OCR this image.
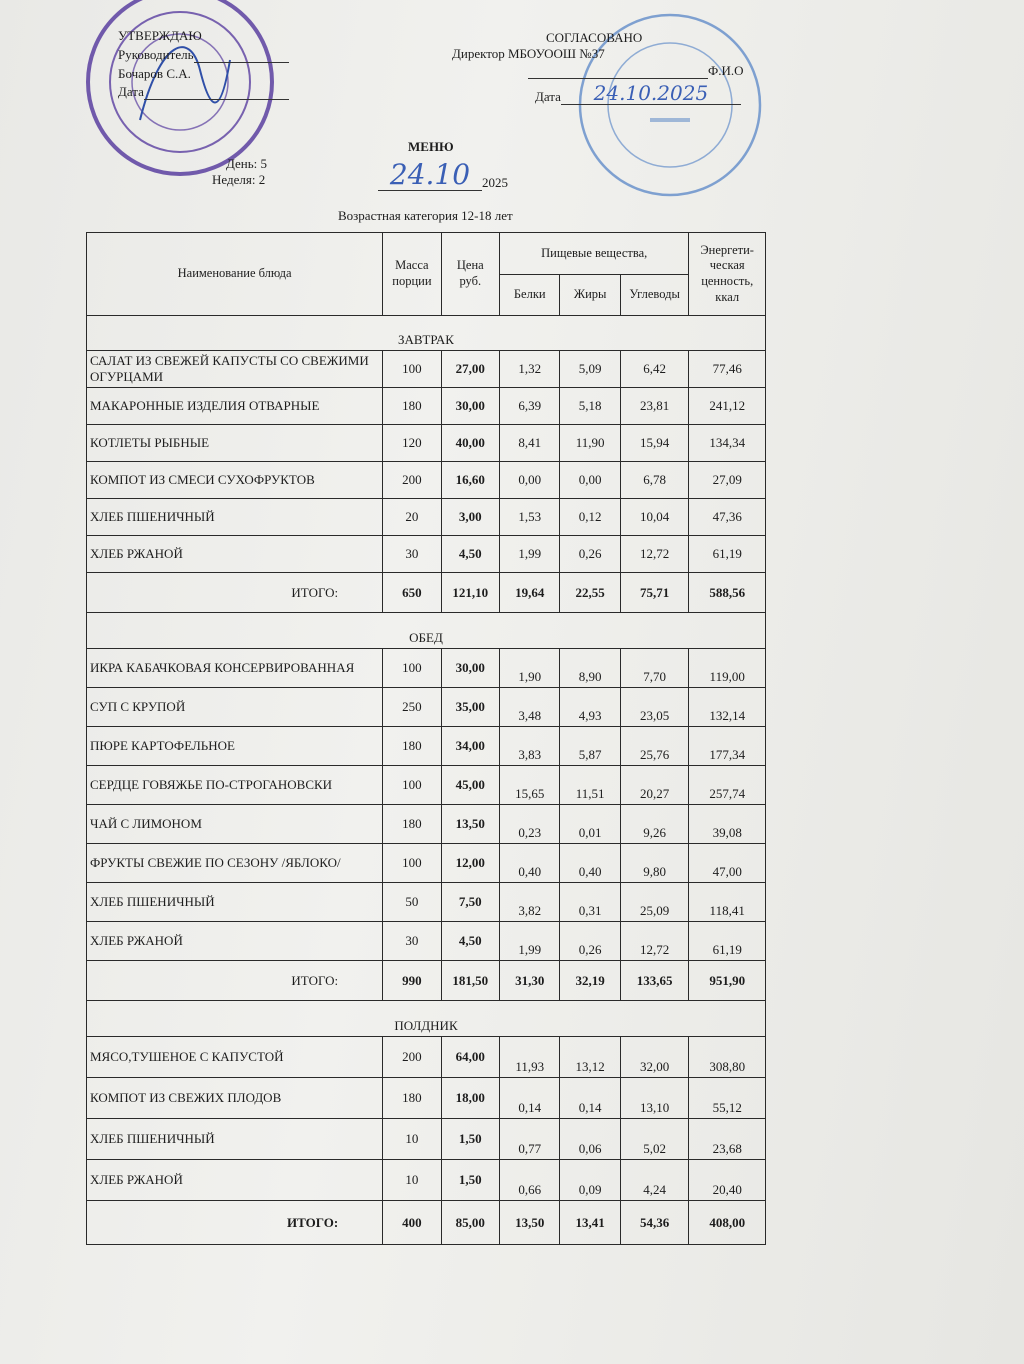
УТВЕРЖДАЮ
Руководитель
Бочаров С.А.
Дата
СОГЛАСОВАНО
Директор МБОУООШ №37
Ф.И.О
Дата 24.10.2025
День: 5
Неделя: 2
МЕНЮ
24.10 2025
Возрастная категория 12-18 лет
Наименование блюда	Масса порции	Цена руб.	Пищевые вещества,			Энергети-ческая ценность, ккал
			Белки	Жиры	Углеводы	
ЗАВТРАК						
САЛАТ ИЗ СВЕЖЕЙ КАПУСТЫ СО СВЕЖИМИ ОГУРЦАМИ	100	27,00	1,32	5,09	6,42	77,46
МАКАРОННЫЕ ИЗДЕЛИЯ ОТВАРНЫЕ	180	30,00	6,39	5,18	23,81	241,12
КОТЛЕТЫ РЫБНЫЕ	120	40,00	8,41	11,90	15,94	134,34
КОМПОТ ИЗ СМЕСИ СУХОФРУКТОВ	200	16,60	0,00	0,00	6,78	27,09
ХЛЕБ ПШЕНИЧНЫЙ	20	3,00	1,53	0,12	10,04	47,36
ХЛЕБ РЖАНОЙ	30	4,50	1,99	0,26	12,72	61,19
ИТОГО:	650	121,10	19,64	22,55	75,71	588,56
ОБЕД						
ИКРА КАБАЧКОВАЯ КОНСЕРВИРОВАННАЯ	100	30,00	1,90	8,90	7,70	119,00
СУП С КРУПОЙ	250	35,00	3,48	4,93	23,05	132,14
ПЮРЕ КАРТОФЕЛЬНОЕ	180	34,00	3,83	5,87	25,76	177,34
СЕРДЦЕ ГОВЯЖЬЕ ПО-СТРОГАНОВСКИ	100	45,00	15,65	11,51	20,27	257,74
ЧАЙ С ЛИМОНОМ	180	13,50	0,23	0,01	9,26	39,08
ФРУКТЫ СВЕЖИЕ ПО СЕЗОНУ /ЯБЛОКО/	100	12,00	0,40	0,40	9,80	47,00
ХЛЕБ ПШЕНИЧНЫЙ	50	7,50	3,82	0,31	25,09	118,41
ХЛЕБ РЖАНОЙ	30	4,50	1,99	0,26	12,72	61,19
ИТОГО:	990	181,50	31,30	32,19	133,65	951,90
ПОЛДНИК						
МЯСО,ТУШЕНОЕ С КАПУСТОЙ	200	64,00	11,93	13,12	32,00	308,80
КОМПОТ ИЗ СВЕЖИХ ПЛОДОВ	180	18,00	0,14	0,14	13,10	55,12
ХЛЕБ ПШЕНИЧНЫЙ	10	1,50	0,77	0,06	5,02	23,68
ХЛЕБ РЖАНОЙ	10	1,50	0,66	0,09	4,24	20,40
ИТОГО:	400	85,00	13,50	13,41	54,36	408,00
